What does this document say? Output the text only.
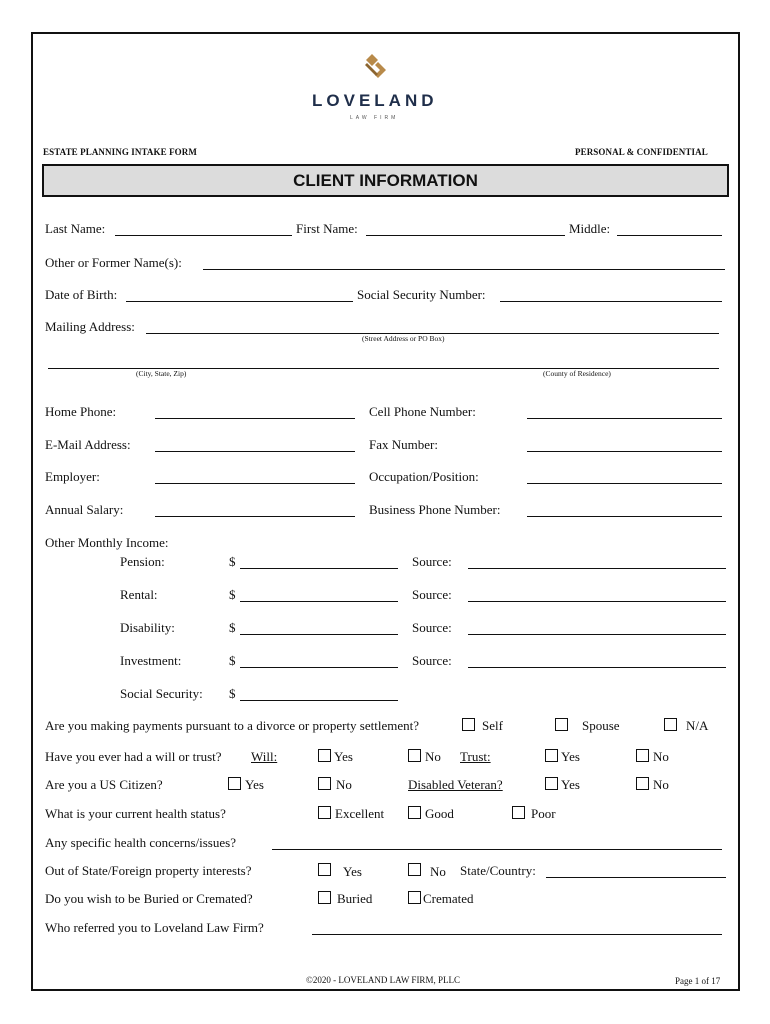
LOVELAND
LAW FIRM
ESTATE PLANNING INTAKE FORM	PERSONAL & CONFIDENTIAL
CLIENT INFORMATION
Last Name:	First Name:	Middle:
Other or Former Name(s):
Date of Birth:	Social Security Number:
Mailing Address:
(Street Address or PO Box)
(City, State, Zip)	(County of Residence)
Home Phone:	Cell Phone Number:
E-Mail Address:	Fax Number:
Employer:	Occupation/Position:
Annual Salary:	Business Phone Number:
Other Monthly Income:
Pension:	$	Source:
Rental:	$	Source:
Disability:	$	Source:
Investment:	$	Source:
Social Security: $
Are you making payments pursuant to a divorce or property settlement?	Self	Spouse	N/A
Have you ever had a will or trust? Will:	Yes	No Trust:	Yes	No
Are you a US Citizen?	Yes	No	Disabled Veteran?	Yes	No
What is your current health status?	Excellent	Good	Poor
Any specific health concerns/issues?
Out of State/Foreign property interests?	Yes	No State/Country:
Do you wish to be Buried or Cremated?	Buried	Cremated
Who referred you to Loveland Law Firm?
©2020 - LOVELAND LAW FIRM, PLLC	Page 1 of 17
